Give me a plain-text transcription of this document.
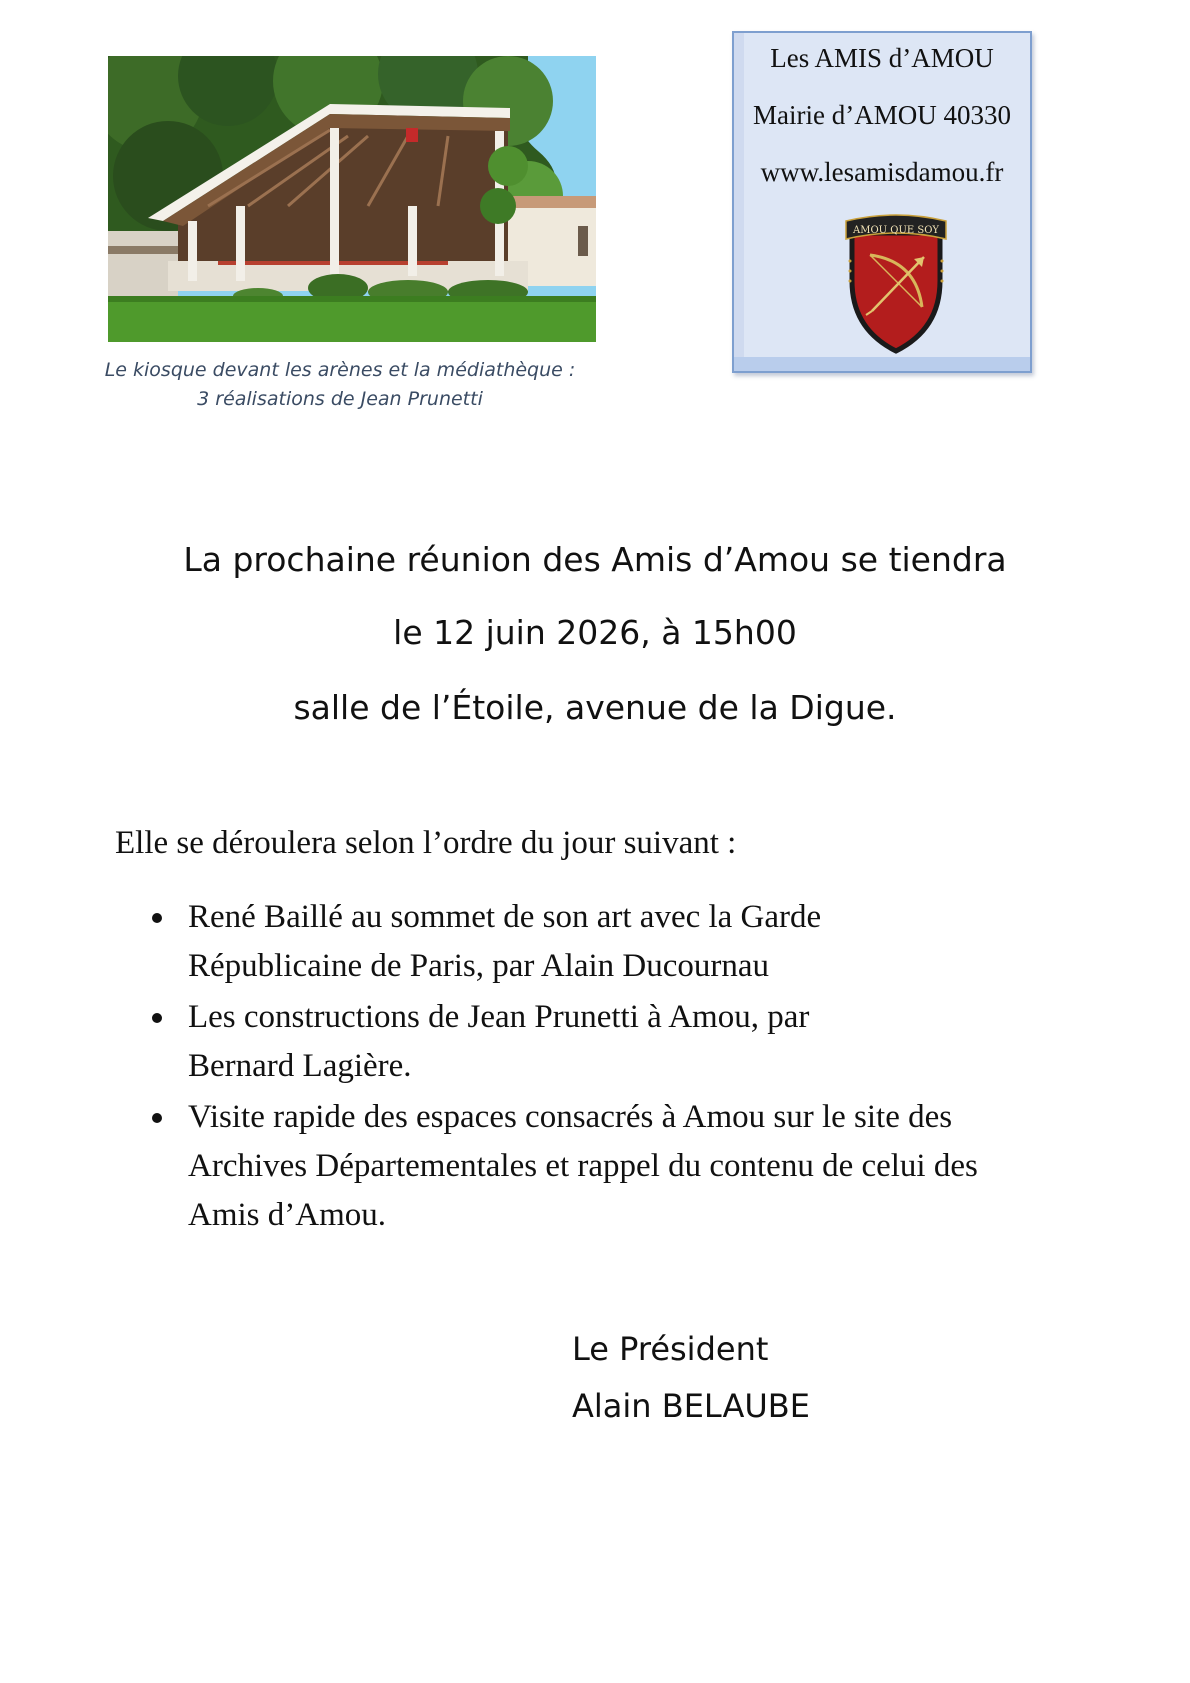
Le kiosque devant les arènes et la médiathèque :
3 réalisations de Jean Prunetti
Les AMIS d’AMOU
Mairie d’AMOU 40330
www.lesamisdamou.fr
AMOU QUE SOY
La prochaine réunion des Amis d’Amou se tiendra
le 12 juin 2026, à 15h00
salle de l’Étoile, avenue de la Digue.
Elle se déroulera selon l’ordre du jour suivant :
René Baillé au sommet de son art avec la Garde
Républicaine de Paris, par Alain Ducournau
Les constructions de Jean Prunetti à Amou, par
Bernard Lagière.
Visite rapide des espaces consacrés à Amou sur le site des
Archives Départementales et rappel du contenu de celui des
Amis d’Amou.
Le Président
Alain BELAUBE
